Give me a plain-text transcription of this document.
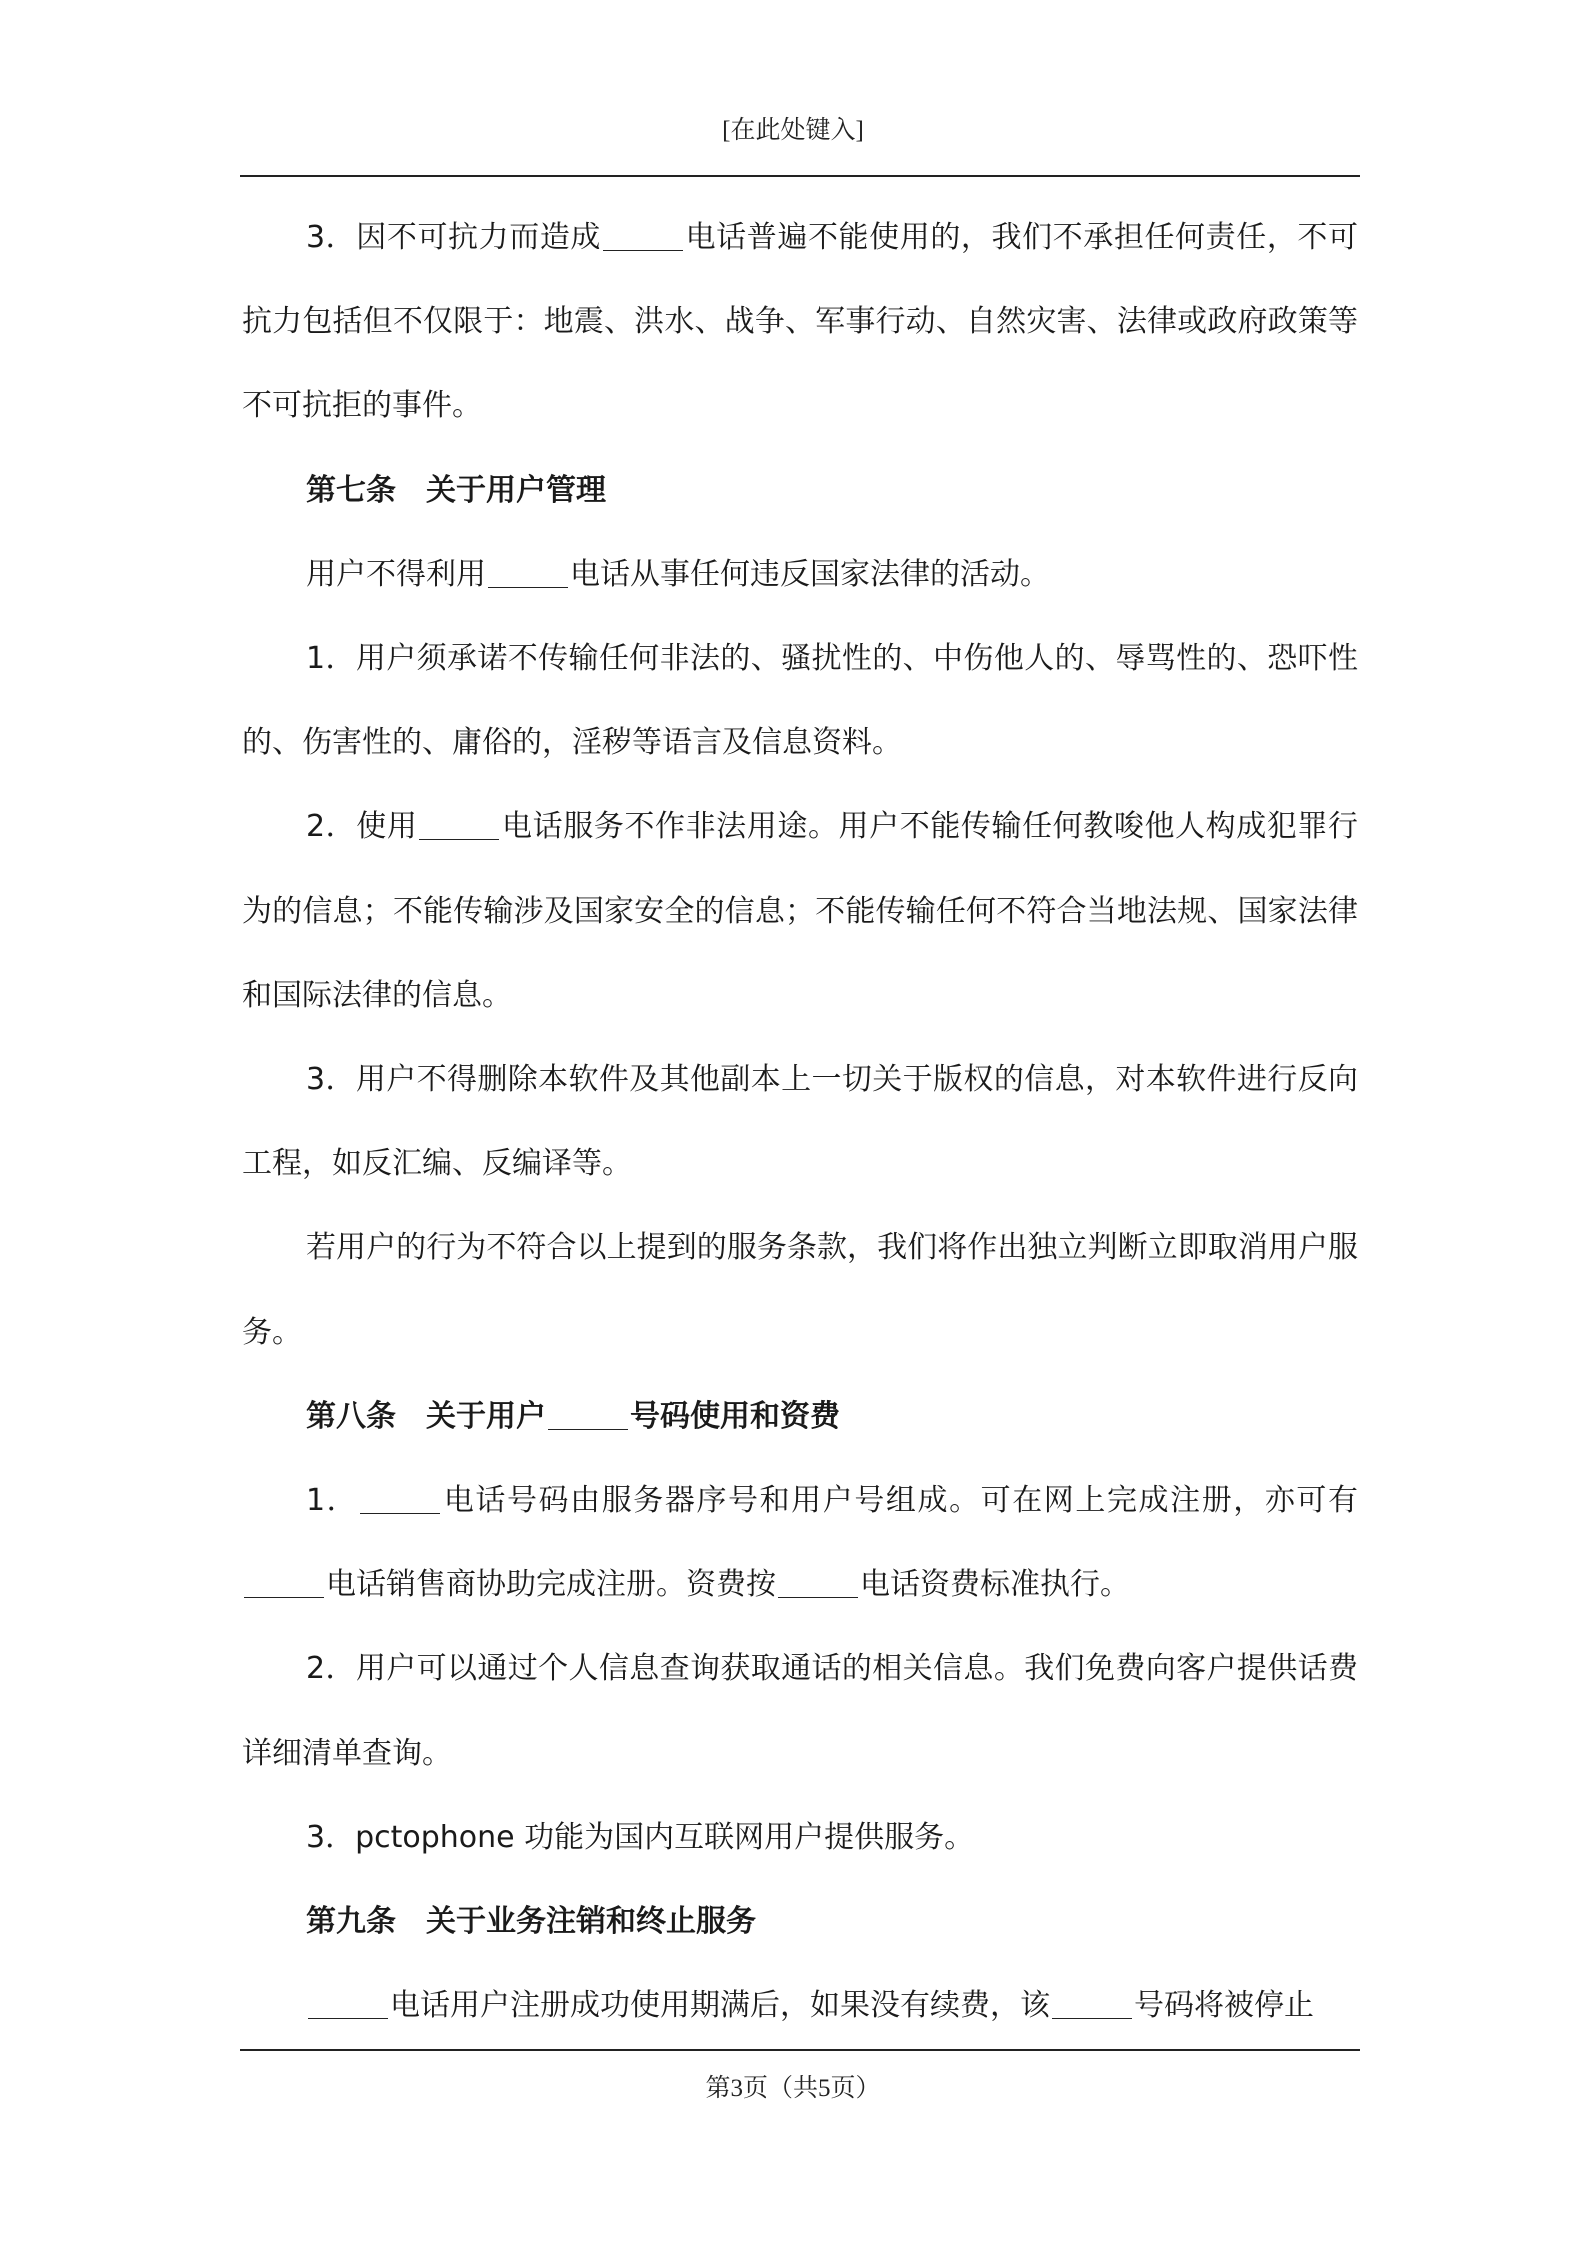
[在此处键入]

3．因不可抗力而造成	电话普遍不能使用的，我们不承担任何责任，不可抗力包括但不仅限于：地震、洪水、战争、军事行动、自然灾害、法律或政府政策等不可抗拒的事件。

第七条 关于用户管理

用户不得利用	电话从事任何违反国家法律的活动。

1．用户须承诺不传输任何非法的、骚扰性的、中伤他人的、辱骂性的、恐吓性的、伤害性的、庸俗的，淫秽等语言及信息资料。

2．使用	电话服务不作非法用途。用户不能传输任何教唆他人构成犯罪行为的信息；不能传输涉及国家安全的信息；不能传输任何不符合当地法规、国家法律和国际法律的信息。

3．用户不得删除本软件及其他副本上一切关于版权的信息，对本软件进行反向工程，如反汇编、反编译等。

若用户的行为不符合以上提到的服务条款，我们将作出独立判断立即取消用户服务。

第八条 关于用户	号码使用和资费

1．	电话号码由服务器序号和用户号组成。可在网上完成注册，亦可有电话销售商协助完成注册。资费按	电话资费标准执行。

2．用户可以通过个人信息查询获取通话的相关信息。我们免费向客户提供话费详细清单查询。

3．pctophone 功能为国内互联网用户提供服务。

第九条 关于业务注销和终止服务

电话用户注册成功使用期满后，如果没有续费，该	号码将被停止

第3页（共5页）
